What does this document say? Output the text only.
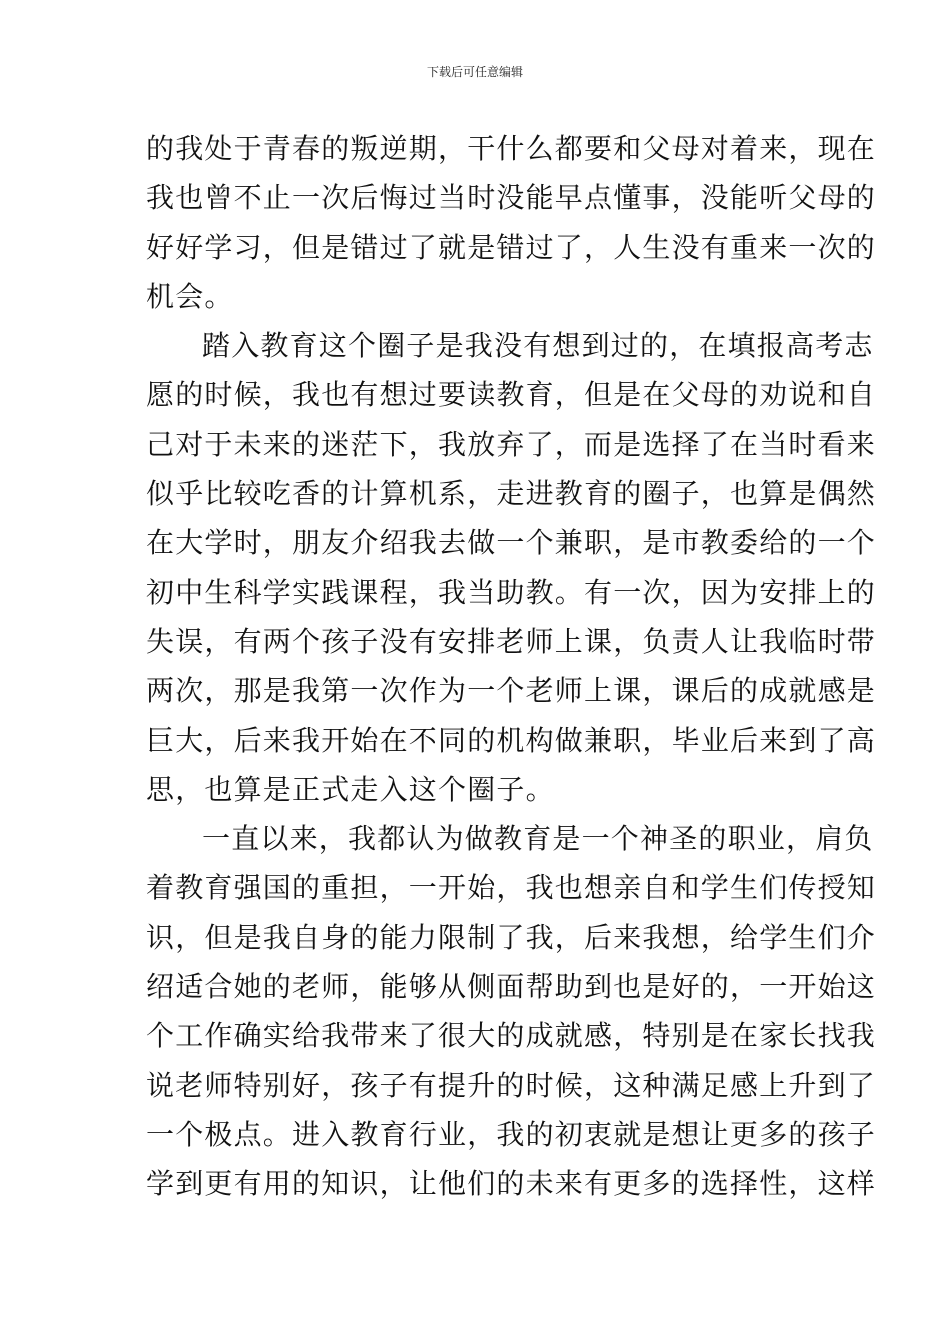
下载后可任意编辑
的我处于青春的叛逆期，干什么都要和父母对着来，现在
我也曾不止一次后悔过当时没能早点懂事，没能听父母的
好好学习，但是错过了就是错过了，人生没有重来一次的
机会。
踏入教育这个圈子是我没有想到过的，在填报高考志
愿的时候，我也有想过要读教育，但是在父母的劝说和自
己对于未来的迷茫下，我放弃了，而是选择了在当时看来
似乎比较吃香的计算机系，走进教育的圈子，也算是偶然
在大学时，朋友介绍我去做一个兼职，是市教委给的一个
初中生科学实践课程，我当助教。有一次，因为安排上的
失误，有两个孩子没有安排老师上课，负责人让我临时带
两次，那是我第一次作为一个老师上课，课后的成就感是
巨大，后来我开始在不同的机构做兼职，毕业后来到了高
思，也算是正式走入这个圈子。
一直以来，我都认为做教育是一个神圣的职业，肩负
着教育强国的重担，一开始，我也想亲自和学生们传授知
识，但是我自身的能力限制了我，后来我想，给学生们介
绍适合她的老师，能够从侧面帮助到也是好的，一开始这
个工作确实给我带来了很大的成就感，特别是在家长找我
说老师特别好，孩子有提升的时候，这种满足感上升到了
一个极点。进入教育行业，我的初衷就是想让更多的孩子
学到更有用的知识，让他们的未来有更多的选择性，这样
